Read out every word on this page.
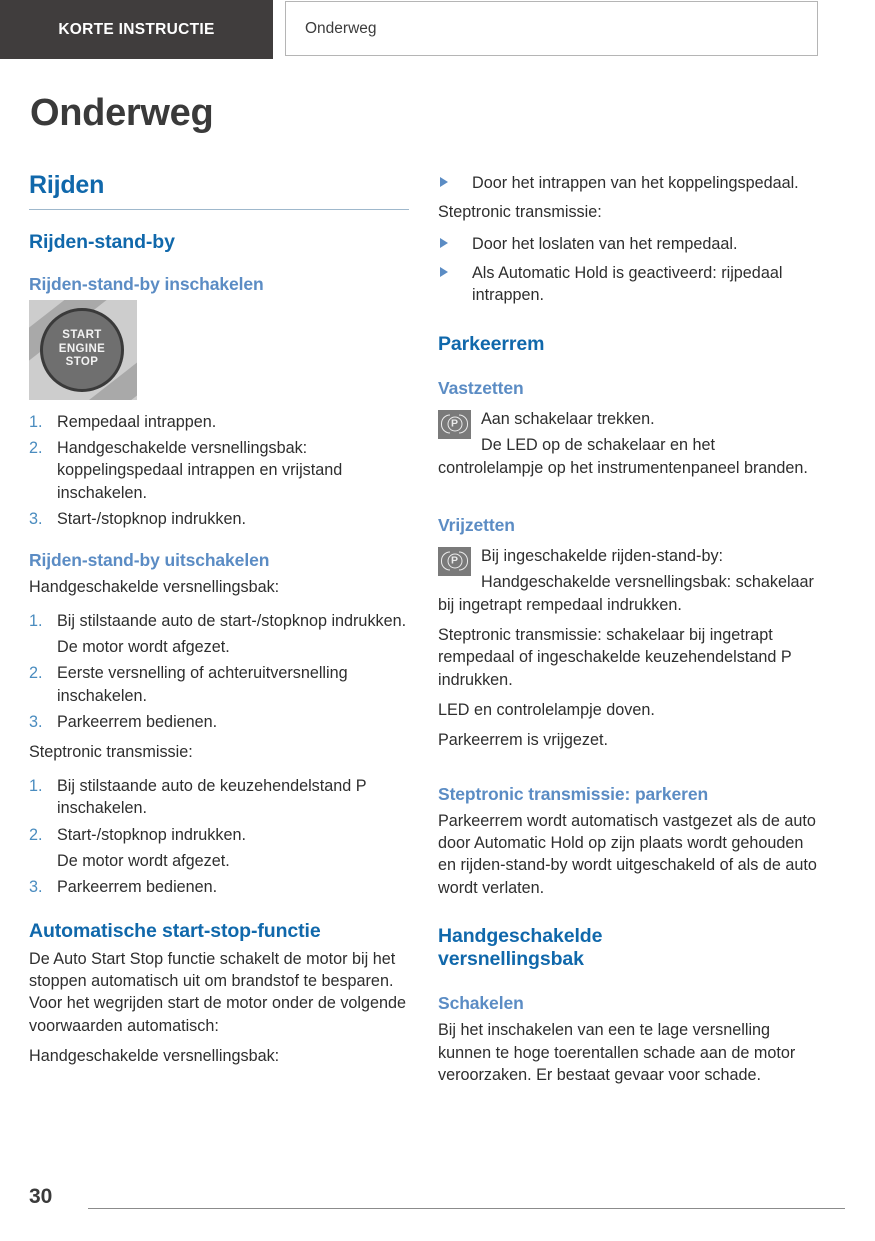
KORTE INSTRUCTIE	Onderweg
Onderweg
Rijden
Rijden-stand-by
Rijden-stand-by inschakelen
START
ENGINE
STOP
1. Rempedaal intrappen.
2. Handgeschakelde versnellingsbak: koppelingspedaal intrappen en vrijstand inschakelen.
3. Start-/stopknop indrukken.
Rijden-stand-by uitschakelen

Handgeschakelde versnellingsbak:

1. Bij stilstaande auto de start-/stopknop indrukken.
De motor wordt afgezet.
2. Eerste versnelling of achteruitversnelling inschakelen.
3. Parkeerrem bedienen.

Steptronic transmissie:

1. Bij stilstaande auto de keuzehendelstand P inschakelen.
2. Start-/stopknop indrukken.
De motor wordt afgezet.
3. Parkeerrem bedienen.
Automatische start-stop-functie

De Auto Start Stop functie schakelt de motor bij het stoppen automatisch uit om brandstof te besparen. Voor het wegrijden start de motor onder de volgende voorwaarden automatisch:

Handgeschakelde versnellingsbak:

Door het intrappen van het koppelingspedaal.

Steptronic transmissie:

Door het loslaten van het rempedaal.
Als Automatic Hold is geactiveerd: rijpedaal intrappen.
Parkeerrem
Vastzetten
P	Aan schakelaar trekken.
De LED op de schakelaar en het controlelampje op het instrumentenpaneel branden.
Vrijzetten
P	Bij ingeschakelde rijden-stand-by:
Handgeschakelde versnellingsbak: schakelaar bij ingetrapt rempedaal indrukken.

Steptronic transmissie: schakelaar bij ingetrapt rempedaal of ingeschakelde keuzehendelstand P indrukken.

LED en controlelampje doven.

Parkeerrem is vrijgezet.

Steptronic transmissie: parkeren

Parkeerrem wordt automatisch vastgezet als de auto door Automatic Hold op zijn plaats wordt gehouden en rijden-stand-by wordt uitgeschakeld of als de auto wordt verlaten.

Handgeschakelde versnellingsbak
Schakelen

Bij het inschakelen van een te lage versnelling kunnen te hoge toerentallen schade aan de motor veroorzaken. Er bestaat gevaar voor schade.

30
